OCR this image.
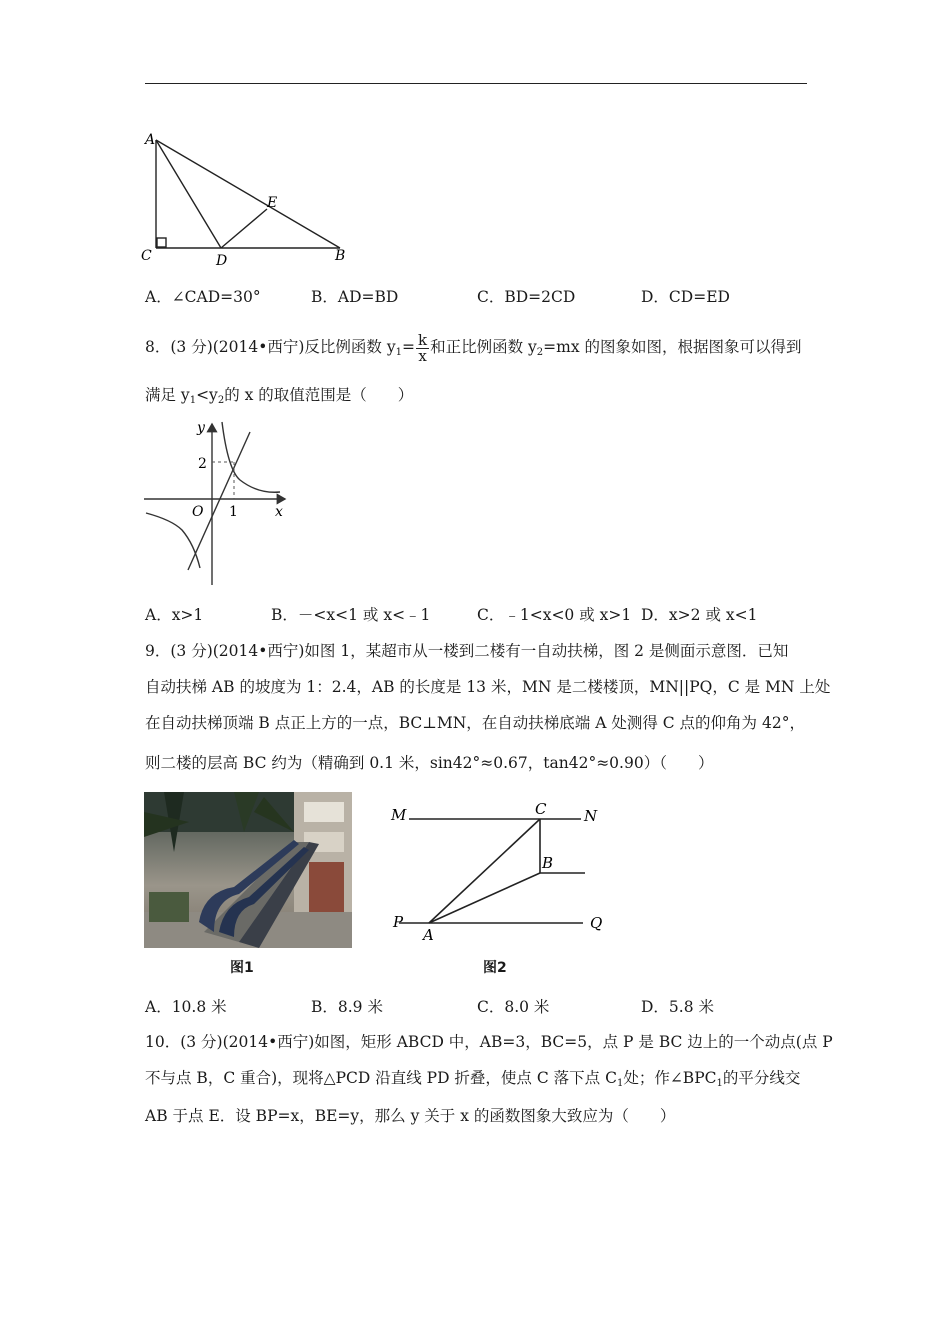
A
C	D
E
B
A．∠CAD=30°	B．AD=BD	C．BD=2CD	D．CD=ED
8．(3 分)(2014•西宁)反比例函数 $y_1= \frac{k}{x}$ 和正比例函数 $y_2=mx$ 的图象如图，根据图象可以得到
满足 $y_1<y_2$的 x 的取值范围是（　　）
y
2
O 1	x
A．x>1	B．－<x<1 或 x<﹣1	C．﹣1<x<0 或 x>1 D．x>2 或 x<1
9．(3 分)(2014•西宁)如图 1，某超市从一楼到二楼有一自动扶梯，图 2 是侧面示意图．已知
自动扶梯 AB 的坡度为 1：2.4，AB 的长度是 13 米，MN 是二楼楼顶，MN||PQ，C 是 MN 上处
在自动扶梯顶端 B 点正上方的一点，BC⊥MN，在自动扶梯底端 A 处测得 C 点的仰角为 42°，
则二楼的层高 BC 约为（精确到 0.1 米，sin42°≈0.67，tan42°≈0.90）（　　）
图1
M	C	N
B
P
A
Q
图2
A．10.8 米	B．8.9 米	C．8.0 米	D．5.8 米
10．(3 分)(2014•西宁)如图，矩形 ABCD 中，AB=3，BC=5，点 P 是 BC 边上的一个动点(点 P
不与点 B，C 重合)，现将△PCD 沿直线 PD 折叠，使点 C 落下点 $C_1$处；作$\angle BPC_1$的平分线交
AB 于点 E．设 BP=x，BE=y，那么 y 关于 x 的函数图象大致应为（　　）
